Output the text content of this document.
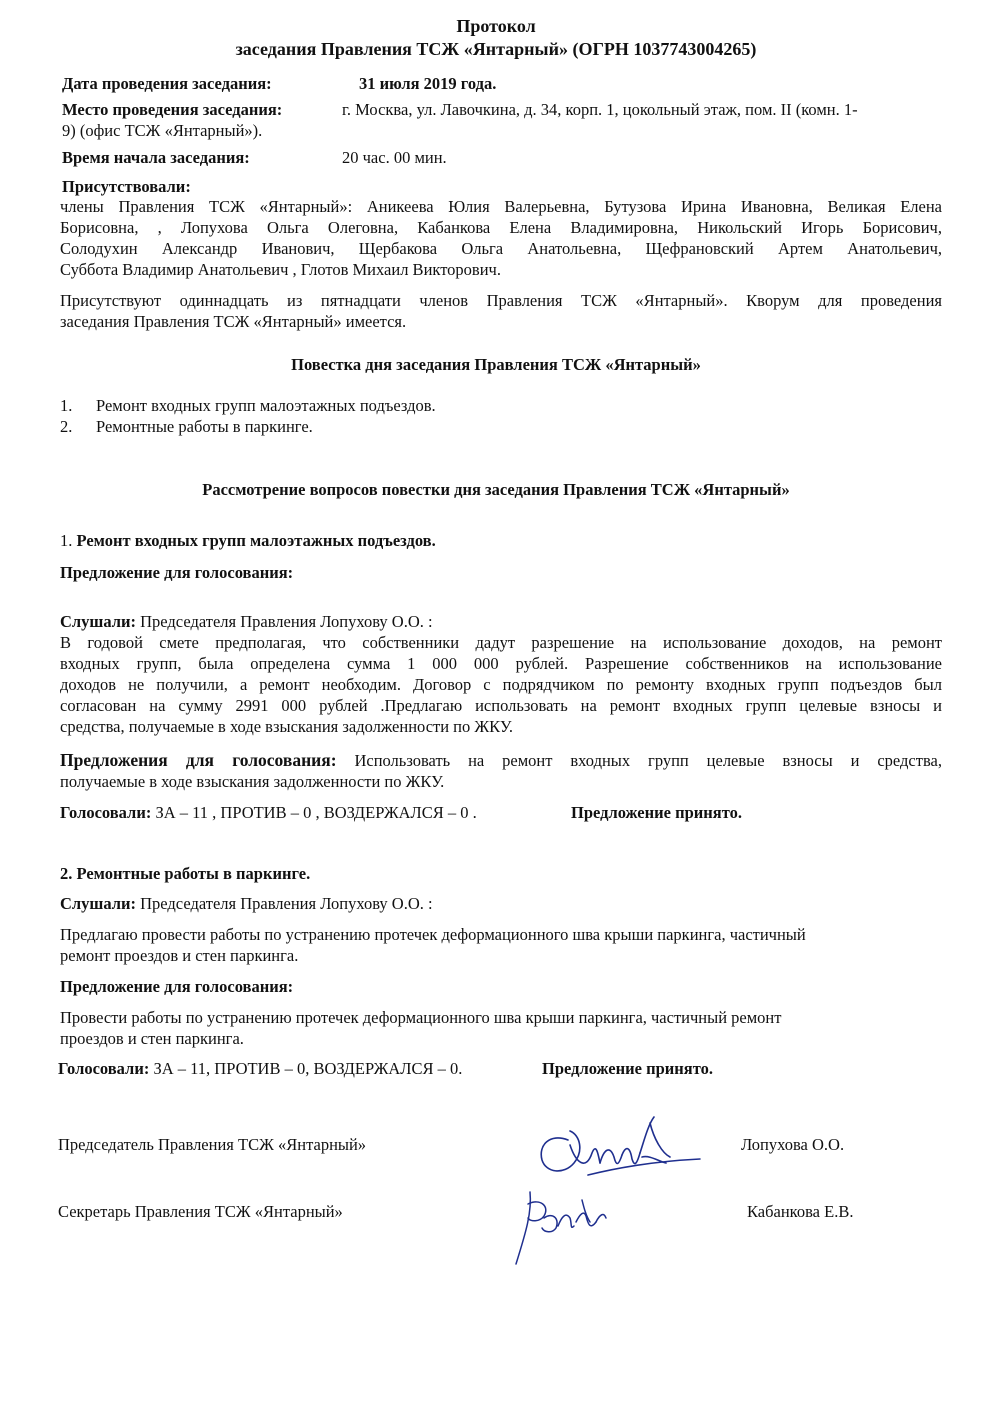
Протокол
заседания Правления ТСЖ «Янтарный» (ОГРН 1037743004265)
Дата проведения заседания:	31 июля 2019 года.
Место проведения заседания:	г. Москва, ул. Лавочкина, д. 34, корп. 1, цокольный этаж, пом. II (комн. 1-
9) (офис ТСЖ «Янтарный»).
Время начала заседания:	20 час. 00 мин.
Присутствовали:
члены Правления ТСЖ «Янтарный»: Аникеева Юлия Валерьевна, Бутузова Ирина Ивановна, Великая Елена
Борисовна, , Лопухова Ольга Олеговна, Кабанкова Елена Владимировна, Никольский Игорь Борисович,
Солодухин Александр Иванович, Щербакова Ольга Анатольевна, Щефрановский Артем Анатольевич,
Суббота Владимир Анатольевич , Глотов Михаил Викторович.
Присутствуют одиннадцать из пятнадцати членов Правления ТСЖ «Янтарный». Кворум для проведения
заседания Правления ТСЖ «Янтарный» имеется.
Повестка дня заседания Правления ТСЖ «Янтарный»
1. Ремонт входных групп малоэтажных подъездов.
2. Ремонтные работы в паркинге.
Рассмотрение вопросов повестки дня заседания Правления ТСЖ «Янтарный»
1. Ремонт входных групп малоэтажных подъездов.
Предложение для голосования:
Слушали: Председателя Правления Лопухову О.О. :
В годовой смете предполагая, что собственники дадут разрешение на использование доходов, на ремонт
входных групп, была определена сумма 1 000 000 рублей. Разрешение собственников на использование
доходов не получили, а ремонт необходим. Договор с подрядчиком по ремонту входных групп подъездов был
согласован на сумму 2991 000 рублей .Предлагаю использовать на ремонт входных групп целевые взносы и
средства, получаемые в ходе взыскания задолженности по ЖКУ.
Предложения для голосования: Использовать на ремонт входных групп целевые взносы и средства,
получаемые в ходе взыскания задолженности по ЖКУ.
Голосовали: ЗА – 11 , ПРОТИВ – 0 , ВОЗДЕРЖАЛСЯ – 0 .	Предложение принято.
2. Ремонтные работы в паркинге.
Слушали: Председателя Правления Лопухову О.О. :
Предлагаю провести работы по устранению протечек деформационного шва крыши паркинга, частичный
ремонт проездов и стен паркинга.
Предложение для голосования:
Провести работы по устранению протечек деформационного шва крыши паркинга, частичный ремонт
проездов и стен паркинга.
Голосовали: ЗА – 11, ПРОТИВ – 0, ВОЗДЕРЖАЛСЯ – 0.	Предложение принято.
Председатель Правления ТСЖ «Янтарный»	Лопухова О.О.
Секретарь Правления ТСЖ «Янтарный»	Кабанкова Е.В.
